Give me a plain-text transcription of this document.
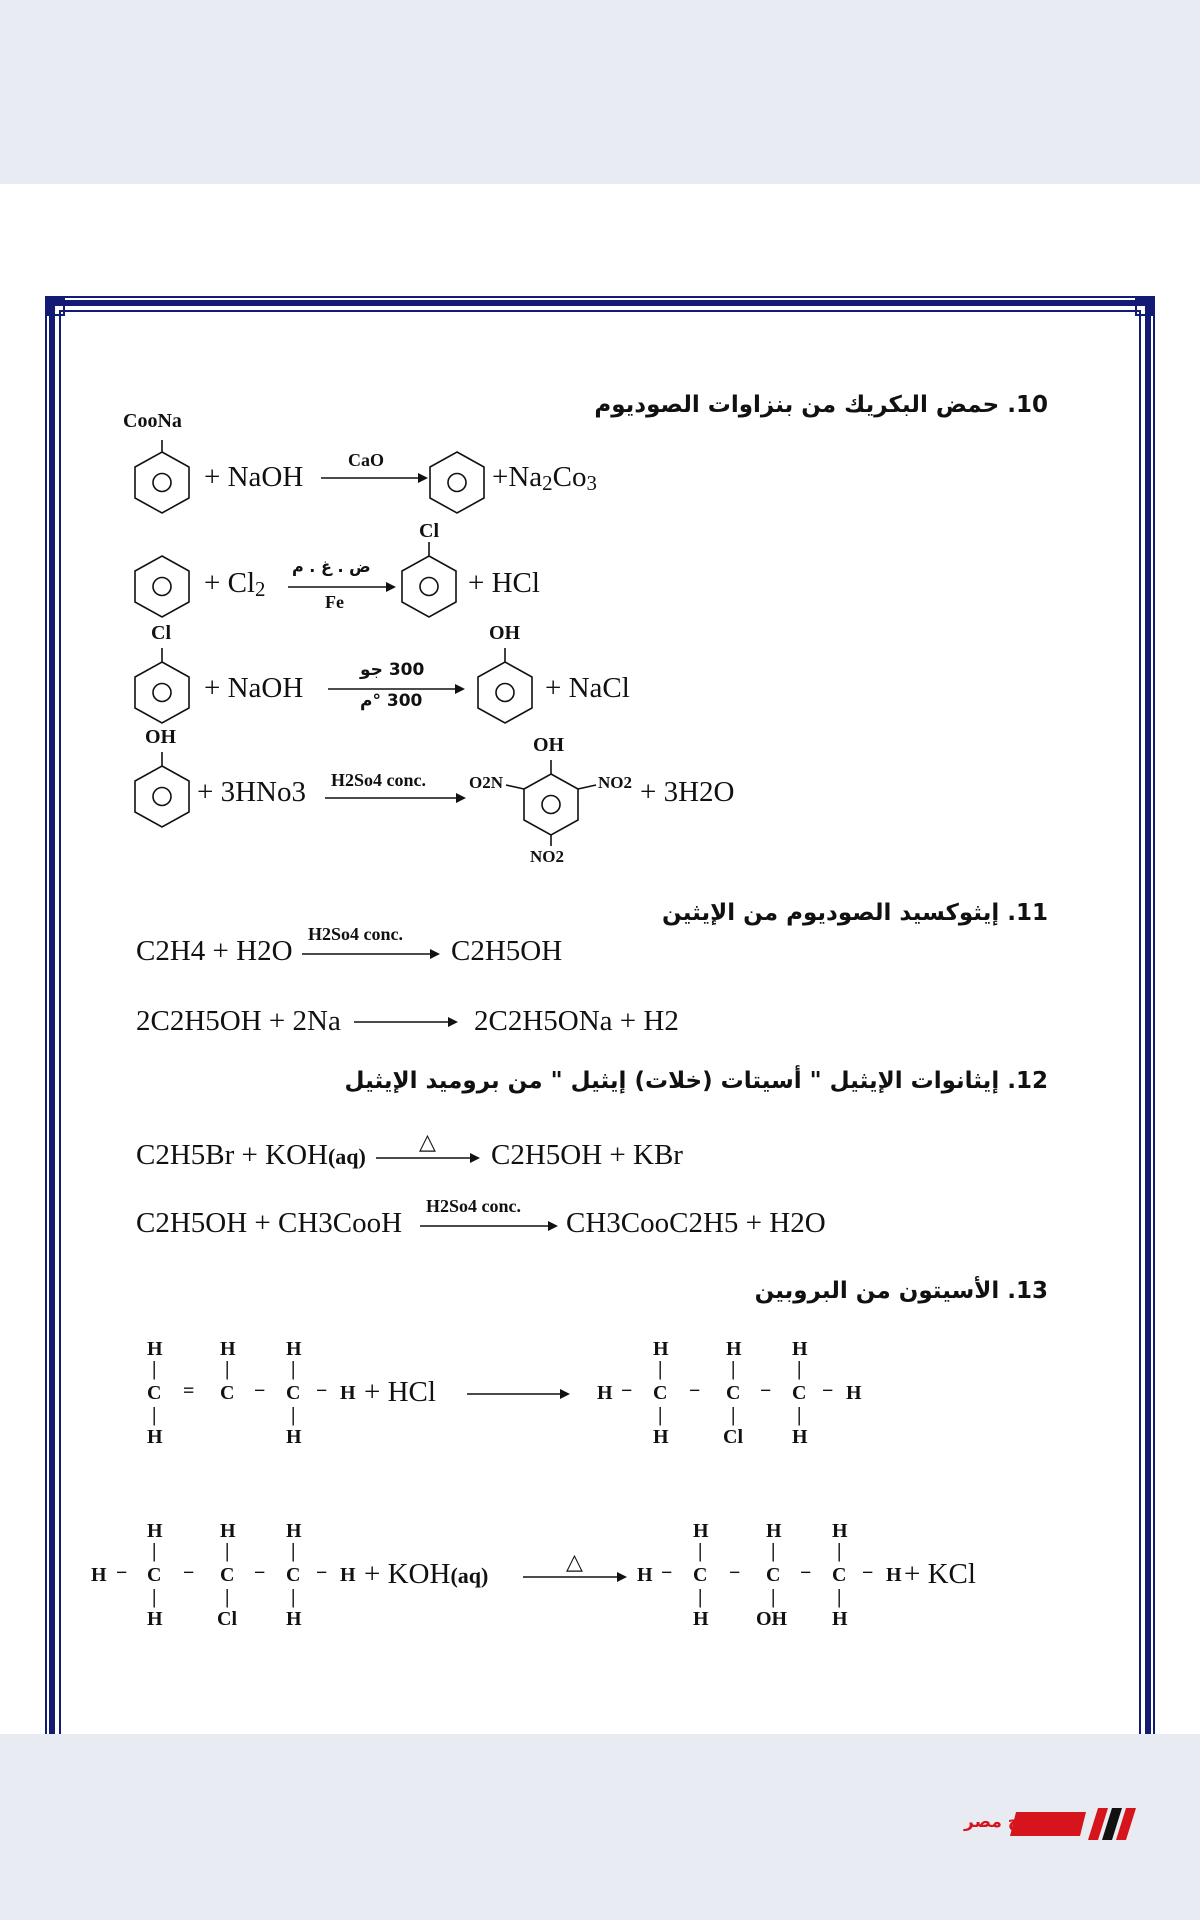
10. حمض البكريك من بنزاوات الصوديوم
11. إيثوكسيد الصوديوم من الإيثين
12. إيثانوات الإيثيل " أسيتات (خلات) إيثيل " من بروميد الإيثيل
13. الأسيتون من البروبين
CooNa
+ NaOH
CaO
+Na2Co3
+ Cl2
ض . غ . م
Fe
Cl
+ HCl
Cl
+ NaOH
300 جو
300 °م
OH
+ NaCl
OH
+ 3HNo3 H2So4 conc.
OH
O2N	NO2
NO2
+ 3H2O
C2H4 + H2O
H2So4 conc.
C2H5OH
2C2H5OH + 2Na	2C2H5ONa + H2
C2H5Br + KOH(aq)
△ C2H5OH + KBr
C2H5OH + CH3CooH
H2So4 conc.
CH3CooC2H5 + H2O
H	H	H
|	|	|
C = C − C − H + HCl
|	|
H	H
H	H	H
|	|	|
H − C − C − C − H
|	|	|
H	Cl H
H	H	H
|	|	|
H − C − C − C − H + KOH(aq)
|	|	|
H	Cl H
△
H	H	H
|	|	|
H − C − C − C − H + KCl
|	|	|
H OH H
صباح مصر
